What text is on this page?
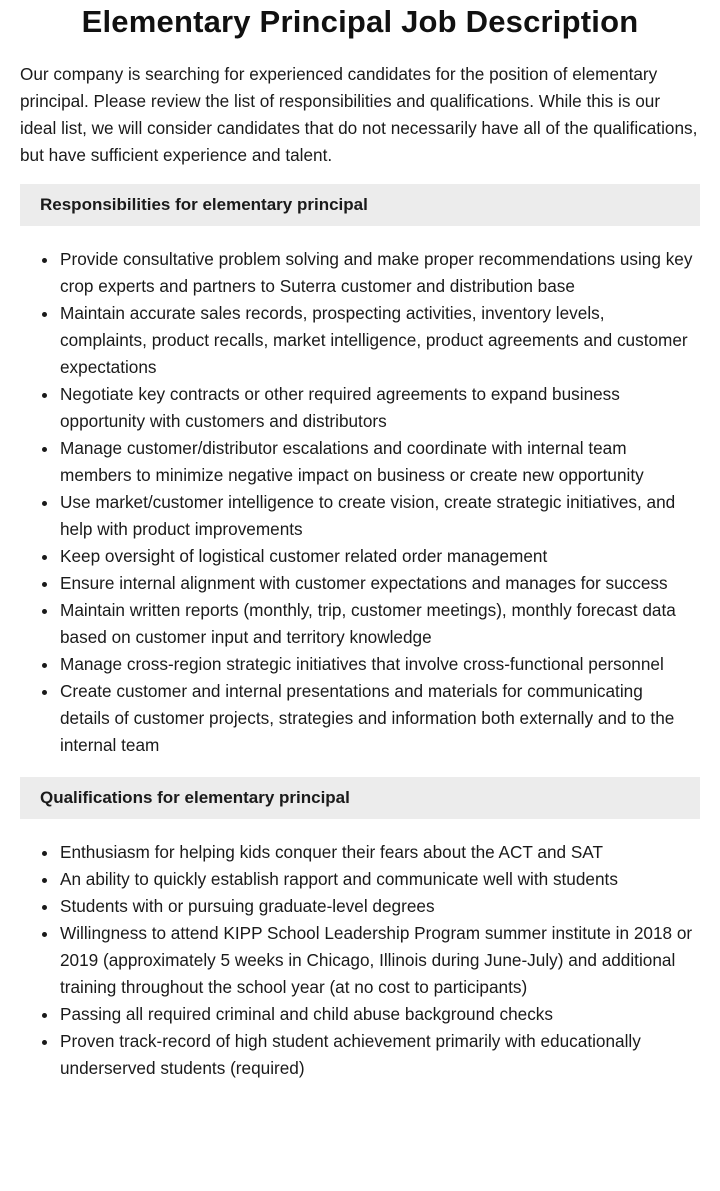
Elementary Principal Job Description

Our company is searching for experienced candidates for the position of elementary principal. Please review the list of responsibilities and qualifications. While this is our ideal list, we will consider candidates that do not necessarily have all of the qualifications, but have sufficient experience and talent.

Responsibilities for elementary principal
Provide consultative problem solving and make proper recommendations using key crop experts and partners to Suterra customer and distribution base
Maintain accurate sales records, prospecting activities, inventory levels, complaints, product recalls, market intelligence, product agreements and customer expectations
Negotiate key contracts or other required agreements to expand business opportunity with customers and distributors
Manage customer/distributor escalations and coordinate with internal team members to minimize negative impact on business or create new opportunity
Use market/customer intelligence to create vision, create strategic initiatives, and help with product improvements
Keep oversight of logistical customer related order management
Ensure internal alignment with customer expectations and manages for success
Maintain written reports (monthly, trip, customer meetings), monthly forecast data based on customer input and territory knowledge
Manage cross-region strategic initiatives that involve cross-functional personnel
Create customer and internal presentations and materials for communicating details of customer projects, strategies and information both externally and to the internal team
Qualifications for elementary principal
Enthusiasm for helping kids conquer their fears about the ACT and SAT
An ability to quickly establish rapport and communicate well with students
Students with or pursuing graduate-level degrees
Willingness to attend KIPP School Leadership Program summer institute in 2018 or 2019 (approximately 5 weeks in Chicago, Illinois during June-July) and additional training throughout the school year (at no cost to participants)
Passing all required criminal and child abuse background checks
Proven track-record of high student achievement primarily with educationally underserved students (required)
